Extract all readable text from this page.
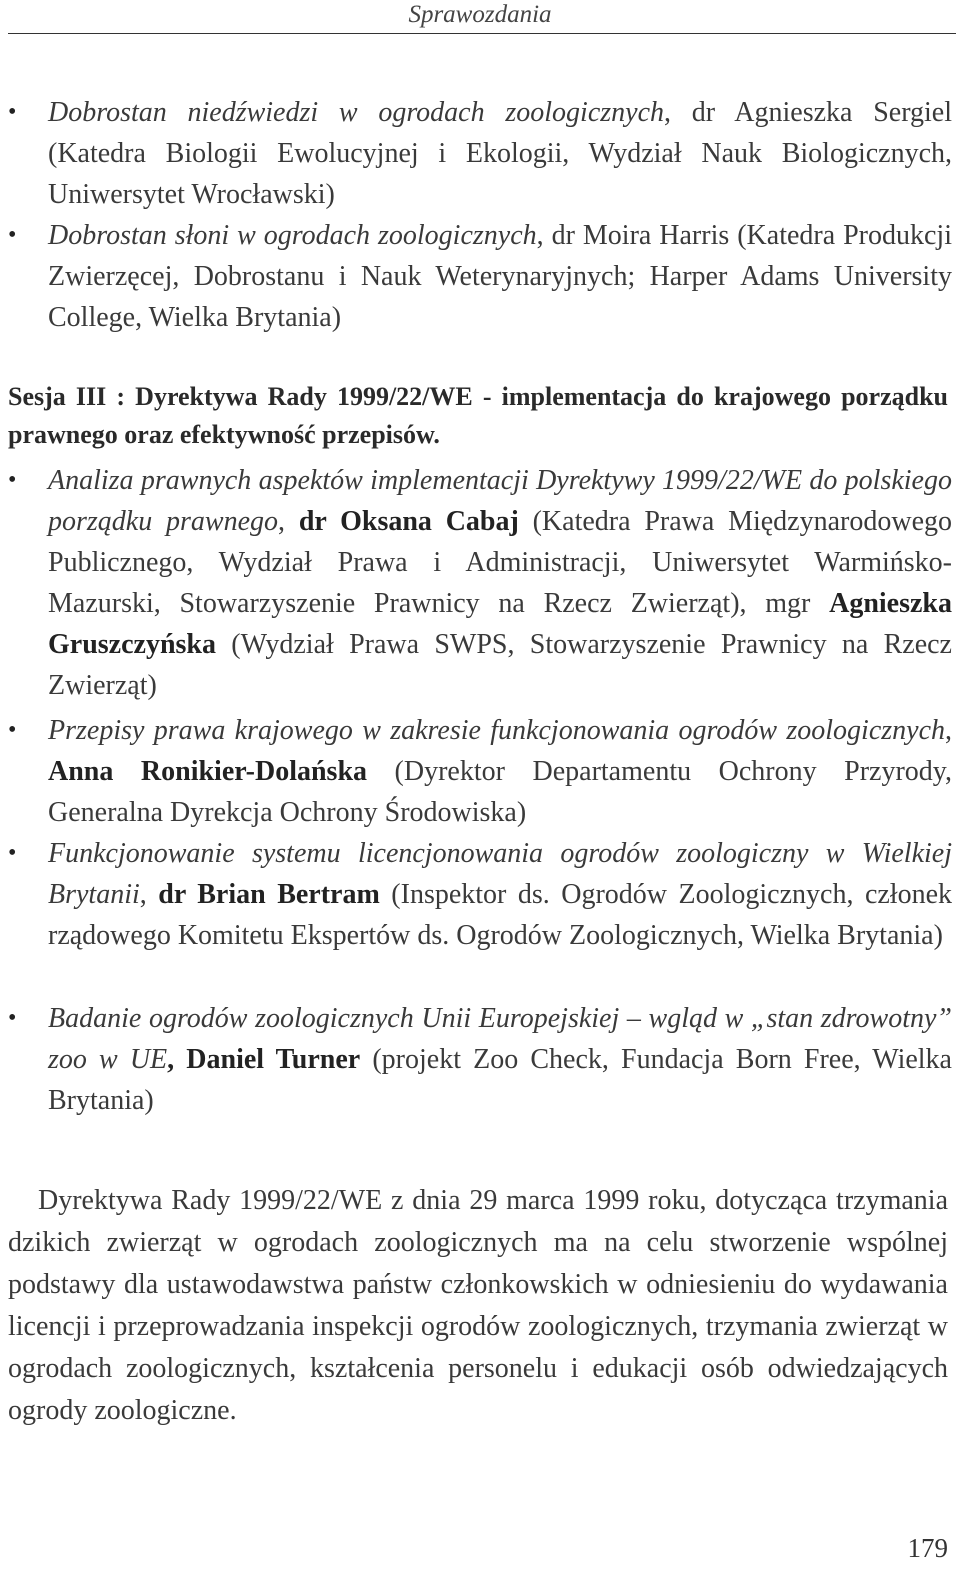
Sprawozdania
• Dobrostan niedźwiedzi w ogrodach zoologicznych, dr Agnieszka Sergiel (Katedra Biologii Ewolucyjnej i Ekologii, Wydział Nauk Biologicznych, Uniwersytet Wrocławski)
• Dobrostan słoni w ogrodach zoologicznych, dr Moira Harris (Katedra Produkcji Zwierzęcej, Dobrostanu i Nauk Weterynaryjnych; Harper Adams University College, Wielka Brytania)
Sesja III : Dyrektywa Rady 1999/22/WE - implementacja do krajowego porządku prawnego oraz efektywność przepisów.
• Analiza prawnych aspektów implementacji Dyrektywy 1999/22/WE do polskiego porządku prawnego, dr Oksana Cabaj (Katedra Prawa Międzynarodowego Publicznego, Wydział Prawa i Administracji, Uniwersytet Warmińsko-Mazurski, Stowarzyszenie Prawnicy na Rzecz Zwierząt), mgr Agnieszka Gruszczyńska (Wydział Prawa SWPS, Stowarzyszenie Prawnicy na Rzecz Zwierząt)
• Przepisy prawa krajowego w zakresie funkcjonowania ogrodów zoologicznych, Anna Ronikier-Dolańska (Dyrektor Departamentu Ochrony Przyrody, Generalna Dyrekcja Ochrony Środowiska)
• Funkcjonowanie systemu licencjonowania ogrodów zoologiczny w Wielkiej Brytanii, dr Brian Bertram (Inspektor ds. Ogrodów Zoologicznych, członek rządowego Komitetu Ekspertów ds. Ogrodów Zoologicznych, Wielka Brytania)
• Badanie ogrodów zoologicznych Unii Europejskiej – wgląd w „stan zdrowotny” zoo w UE, Daniel Turner (projekt Zoo Check, Fundacja Born Free, Wielka Brytania)
Dyrektywa Rady 1999/22/WE z dnia 29 marca 1999 roku, dotycząca trzymania dzikich zwierząt w ogrodach zoologicznych ma na celu stworzenie wspólnej podstawy dla ustawodawstwa państw członkowskich w odniesieniu do wydawania licencji i przeprowadzania inspekcji ogrodów zoologicznych, trzymania zwierząt w ogrodach zoologicznych, kształcenia personelu i edukacji osób odwiedzających ogrody zoologiczne.
179
